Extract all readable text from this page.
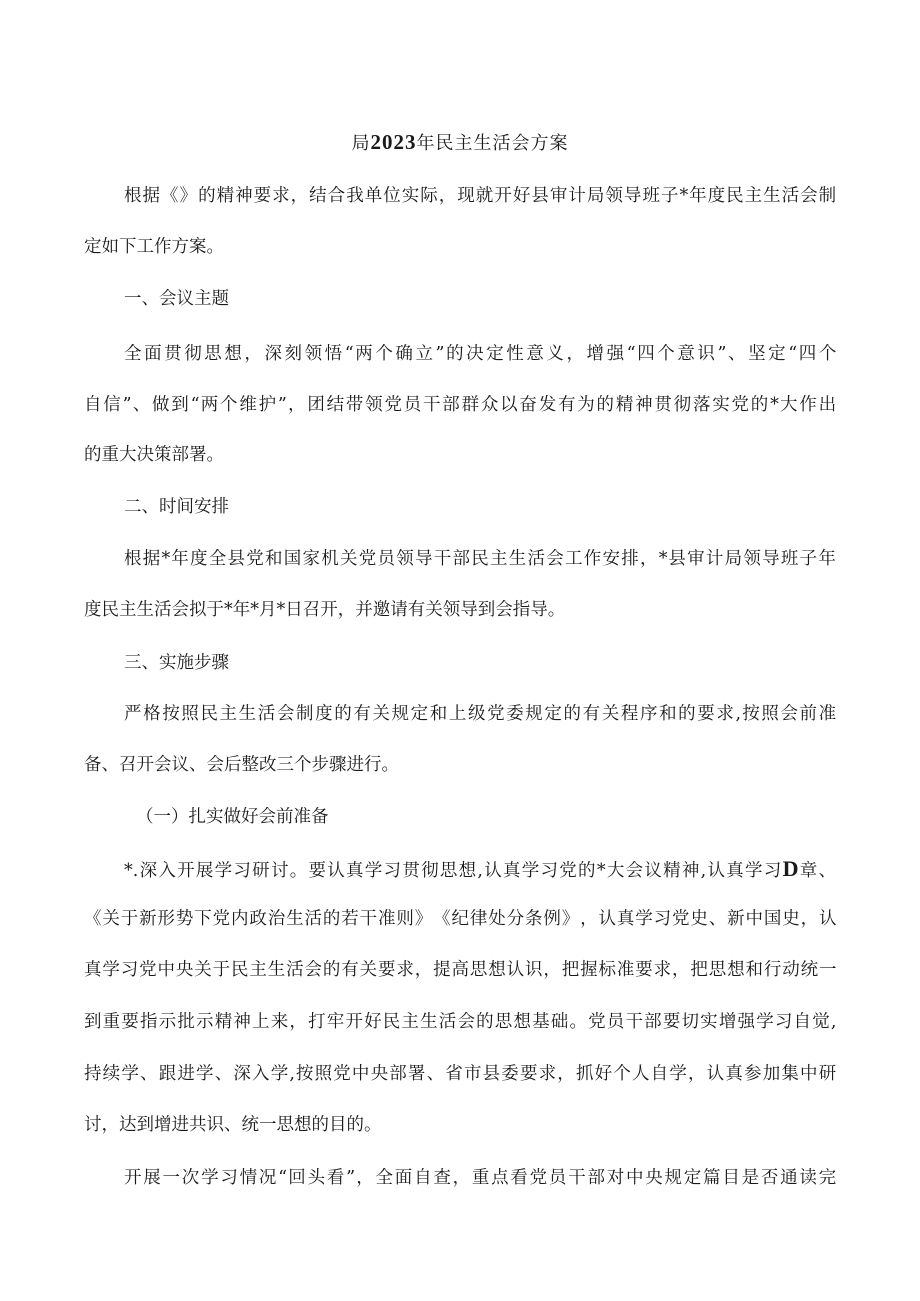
局2023年民主生活会方案
根 据 《 》 的 精 神 要 求 ， 结 合 我 单 位 实 际 ， 现 就 开 好 县 审 计 局 领 导 班 子 * 年 度 民 主 生 活 会 制
定如下工作方案。
一、会议主题
全 面 贯 彻 思 想 ， 深 刻 领 悟 “ 两 个 确 立 ” 的 决 定 性 意 义 ， 增 强 “ 四 个 意 识 ” 、 坚 定 “ 四 个
自 信 ” 、 做 到 “ 两 个 维 护 ” ， 团 结 带 领 党 员 干 部 群 众 以 奋 发 有 为 的 精 神 贯 彻 落 实 党 的 * 大 作 出
的重大决策部署。
二、时间安排
根 据 * 年 度 全 县 党 和 国 家 机 关 党 员 领 导 干 部 民 主 生 活 会 工 作 安 排 ， * 县 审 计 局 领 导 班 子 年
度民主生活会拟于*年*月*日召开，并邀请有关领导到会指导。
三、实施步骤
严 格 按 照 民 主 生 活 会 制 度 的 有 关 规 定 和 上 级 党 委 规 定 的 有 关 程 序 和 的 要 求 , 按 照 会 前 准
备、召开会议、会后整改三个步骤进行。
（一）扎实做好会前准备
*.深入开展学习研讨。要认真学习贯彻思想,认真学习党的*大会议精神,认真学习D章、
《 关 于 新 形 势 下 党 内 政 治 生 活 的 若 干 准 则 》 《 纪 律 处 分 条 例 》 ， 认 真 学 习 党 史 、 新 中 国 史 ， 认
真 学 习 党 中 央 关 于 民 主 生 活 会 的 有 关 要 求 ， 提 高 思 想 认 识 ， 把 握 标 准 要 求 ， 把 思 想 和 行 动 统 一
到 重 要 指 示 批 示 精 神 上 来 ， 打 牢 开 好 民 主 生 活 会 的 思 想 基 础 。 党 员 干 部 要 切 实 增 强 学 习 自 觉 ,
持 续 学 、 跟 进 学 、 深 入 学 , 按 照 党 中 央 部 署 、 省 市 县 委 要 求 ， 抓 好 个 人 自 学 ， 认 真 参 加 集 中 研
讨，达到增进共识、统一思想的目的。
开 展 一 次 学 习 情 况 “ 回 头 看 ” ， 全 面 自 查 ， 重 点 看 党 员 干 部 对 中 央 规 定 篇 目 是 否 通 读 完
